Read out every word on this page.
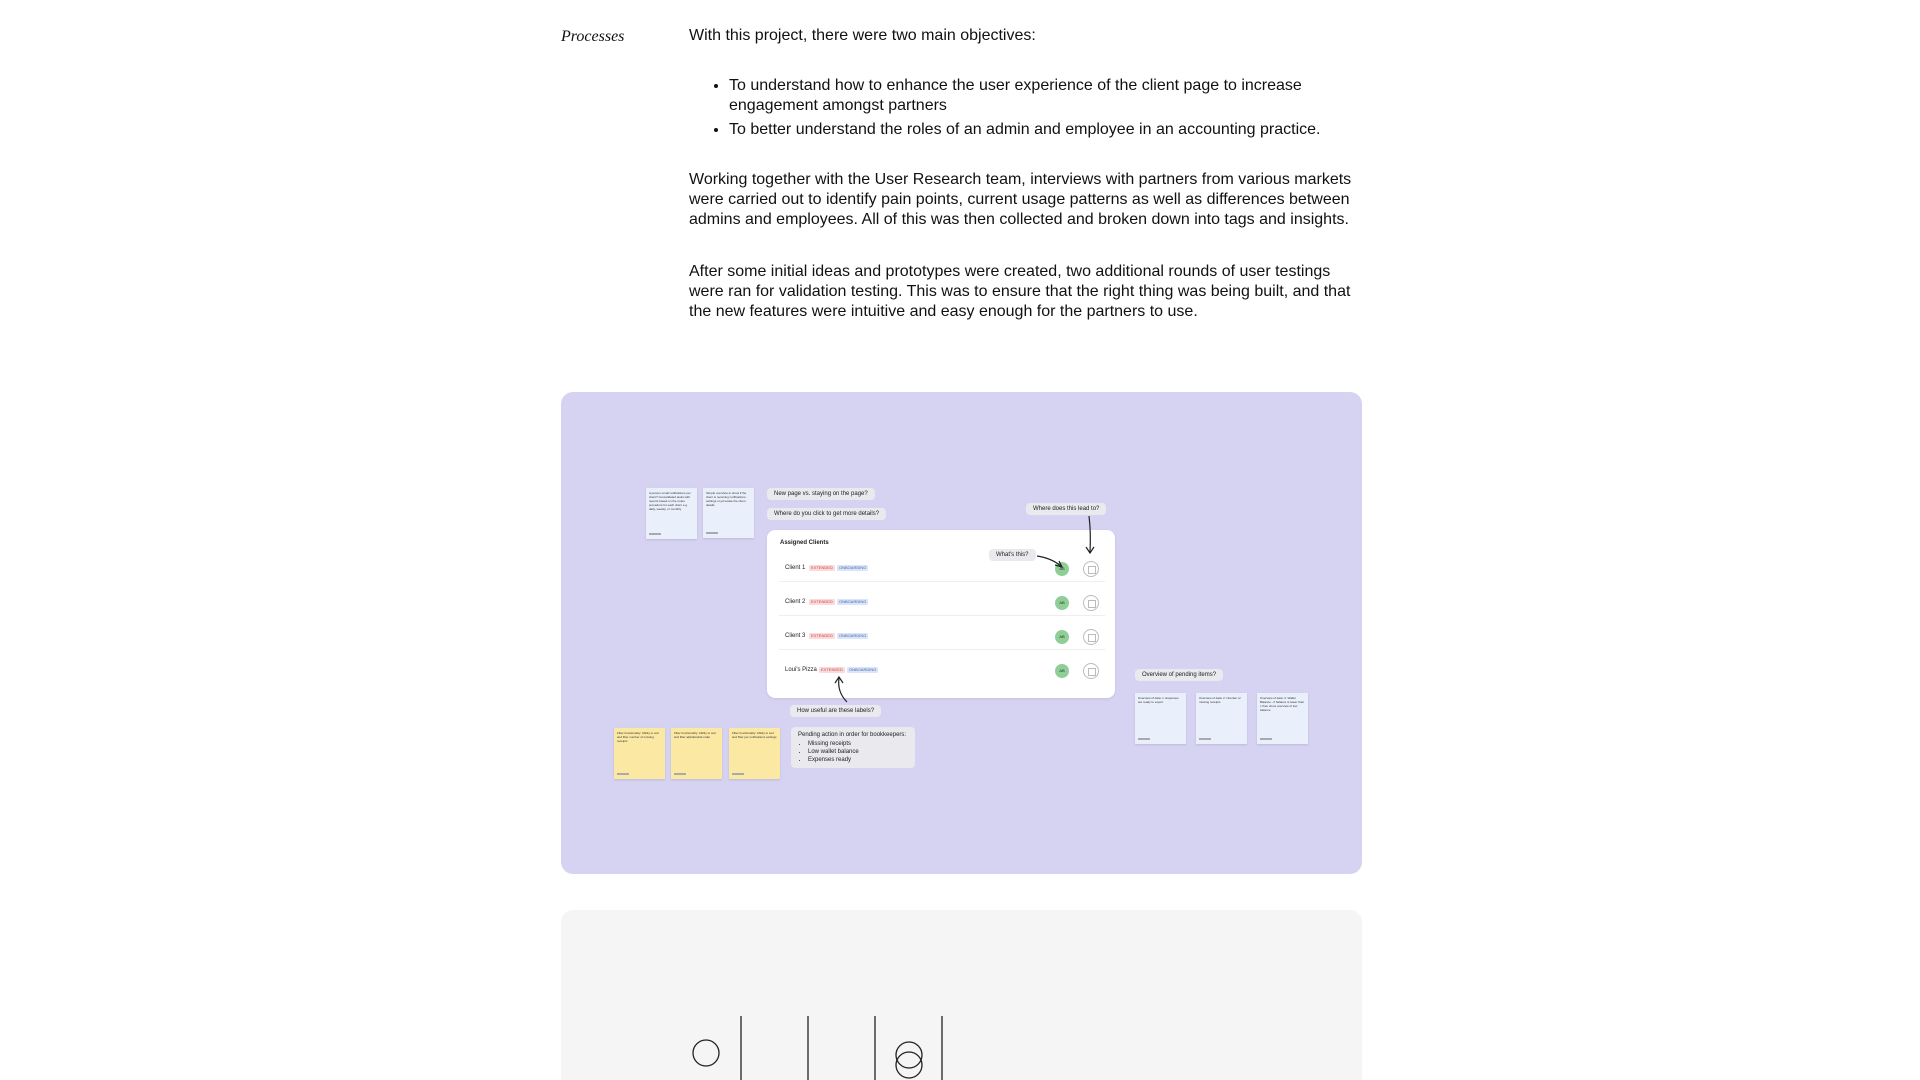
Processes	With this project, there were two main objectives:

• To understand how to enhance the user experience of the client page to increase engagement amongst partners
• To better understand the roles of an admin and employee in an accounting practice.

Working together with the User Research team, interviews with partners from various markets were carried out to identify pain points, current usage patterns as well as differences between admins and employees. All of this was then collected and broken down into tags and insights.

After some initial ideas and prototypes were created, two additional rounds of user testings were ran for validation testing. This was to ensure that the right thing was being built, and that the new features were intuitive and easy enough for the partners to use.

A person email notifications per client? Consolidated tasks with reports based on the notes procedure for each client e.g. daily, weekly, or monthly
Simple overview to show if the client is receiving notifications - settings or jet locate the client details
New page vs. staying on the page?
Where do you click to get more details?
Where does this lead to?
Assigned Clients
Client 1	EXTENDED	ONBOARDING	AB
Client 2	EXTENDED	ONBOARDING	AB
Client 3	EXTENDED	ONBOARDING	AB
Loui's Pizza	EXTENDED	ONBOARDING	AB
What's this?
How useful are these labels?
Pending action in order for bookkeepers:
• Missing receipts
• Low wallet balance
• Expenses ready
Filter functionality: Ability to sort and filter number of missing receipts
Filter functionality: Ability to sort and filter alphabetical order
Filter functionality: Ability to sort and filter per notifications settings
Overview of pending items?
Overview of data: 1. Expenses are ready to export
Overview of data: 2. Number of missing receipts
Overview of data: 3. Wallet Balance - if balance is lower than x then show overview of low balance
